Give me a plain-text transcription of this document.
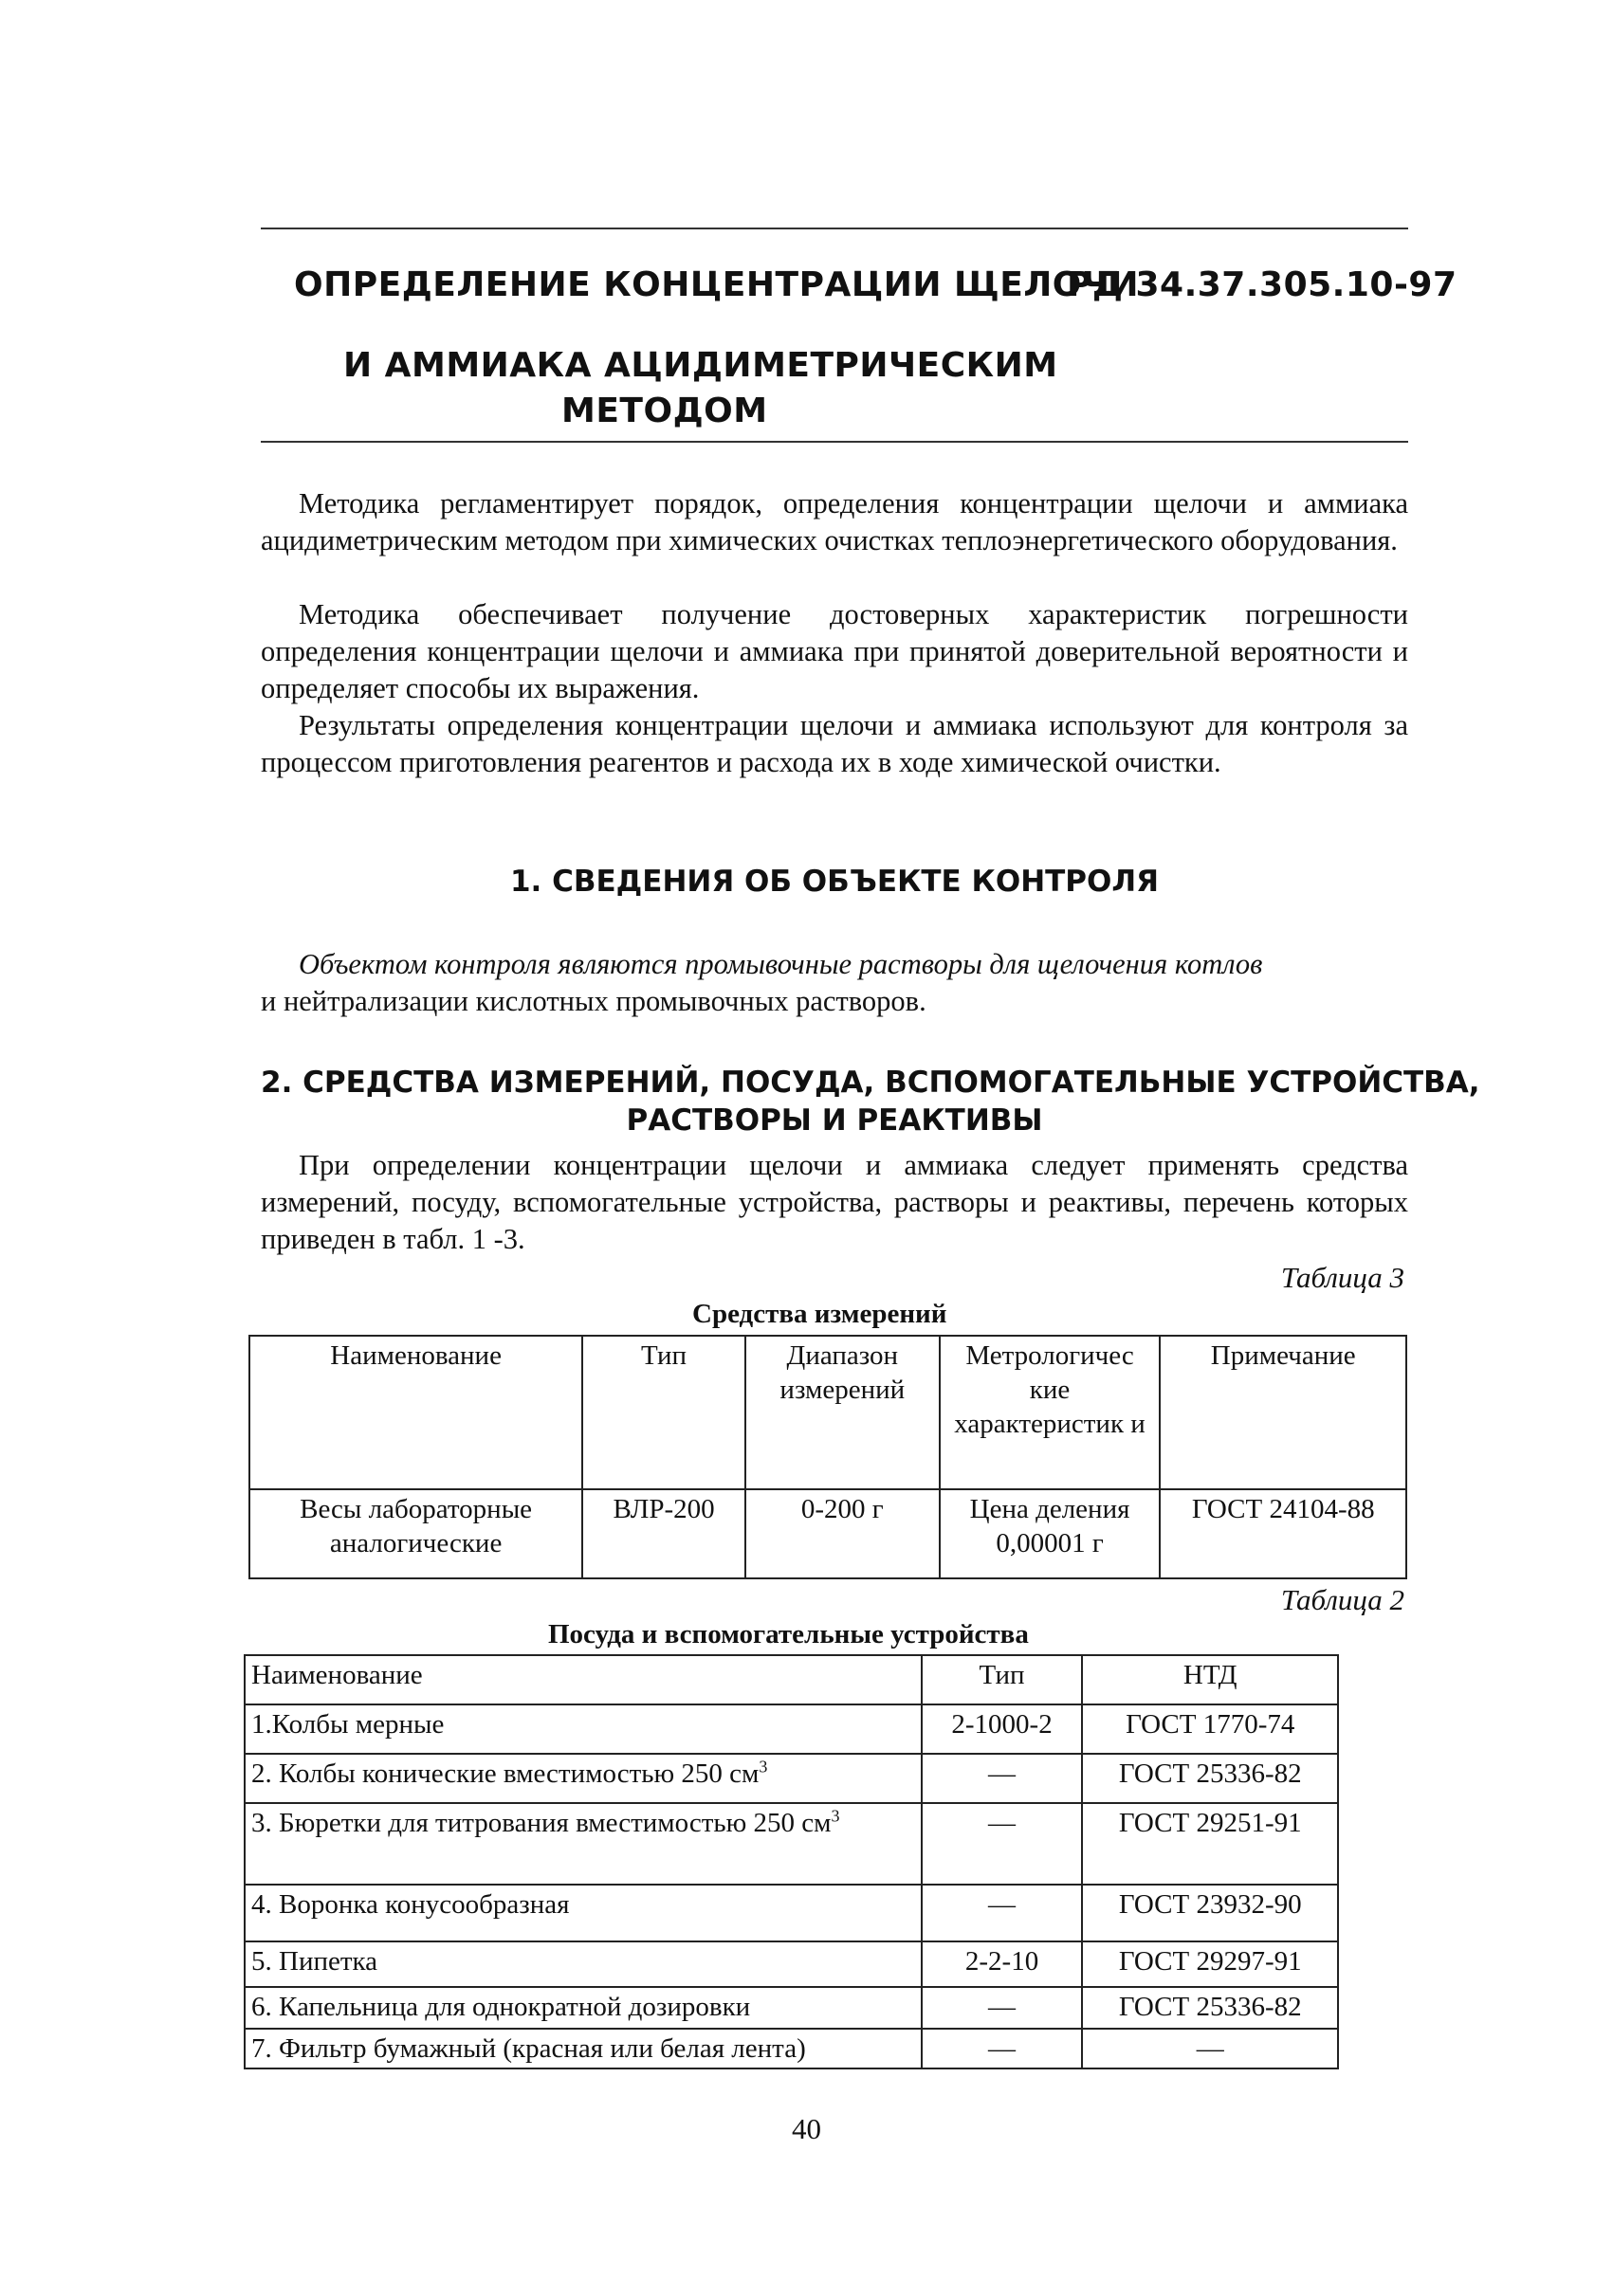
ОПРЕДЕЛЕНИЕ КОНЦЕНТРАЦИИ ЩЕЛОЧИ
РД 34.37.305.10-97
И АММИАКА АЦИДИМЕТРИЧЕСКИМ
МЕТОДОМ

Методика регламентирует порядок, определения концентрации щелочи и аммиака ацидиметрическим методом при химических очистках теплоэнергетического оборудования.

Методика обеспечивает получение достоверных характеристик погрешности определения концентрации щелочи и аммиака при принятой доверительной вероятности и определяет способы их выражения.

Результаты определения концентрации щелочи и аммиака используют для контроля за процессом приготовления реагентов и расхода их в ходе химической очистки.

1. СВЕДЕНИЯ ОБ ОБЪЕКТЕ КОНТРОЛЯ

Объектом контроля являются промывочные растворы для щелочения котлов
и нейтрализации кислотных промывочных растворов.

2. СРЕДСТВА ИЗМЕРЕНИЙ, ПОСУДА, ВСПОМОГАТЕЛЬНЫЕ УСТРОЙСТВА,
РАСТВОРЫ И РЕАКТИВЫ

При определении концентрации щелочи и аммиака следует применять средства измерений, посуду, вспомогательные устройства, растворы и реактивы, перечень которых приведен в табл. 1 -3.

Таблица 3
Средства измерений
Наименование	Тип	Диапазон измерений	Метрологичес кие характеристик и	Примечание
Весы лабораторные аналогические	ВЛР-200	0-200 г	Цена деления 0,00001 г	ГОСТ 24104-88
Таблица 2
Посуда и вспомогательные устройства
Наименование	Тип	НТД
1.Колбы мерные	2-1000-2	ГОСТ 1770-74
2. Колбы конические вместимостью 250 $см^3$	—	ГОСТ 25336-82
3. Бюретки для титрования вместимостью 250 $см^3$	—	ГОСТ 29251-91
4. Воронка конусообразная	—	ГОСТ 23932-90
5. Пипетка	2-2-10	ГОСТ 29297-91
6. Капельница для однократной дозировки	—	ГОСТ 25336-82
7. Фильтр бумажный (красная или белая лента)	—	—
40
